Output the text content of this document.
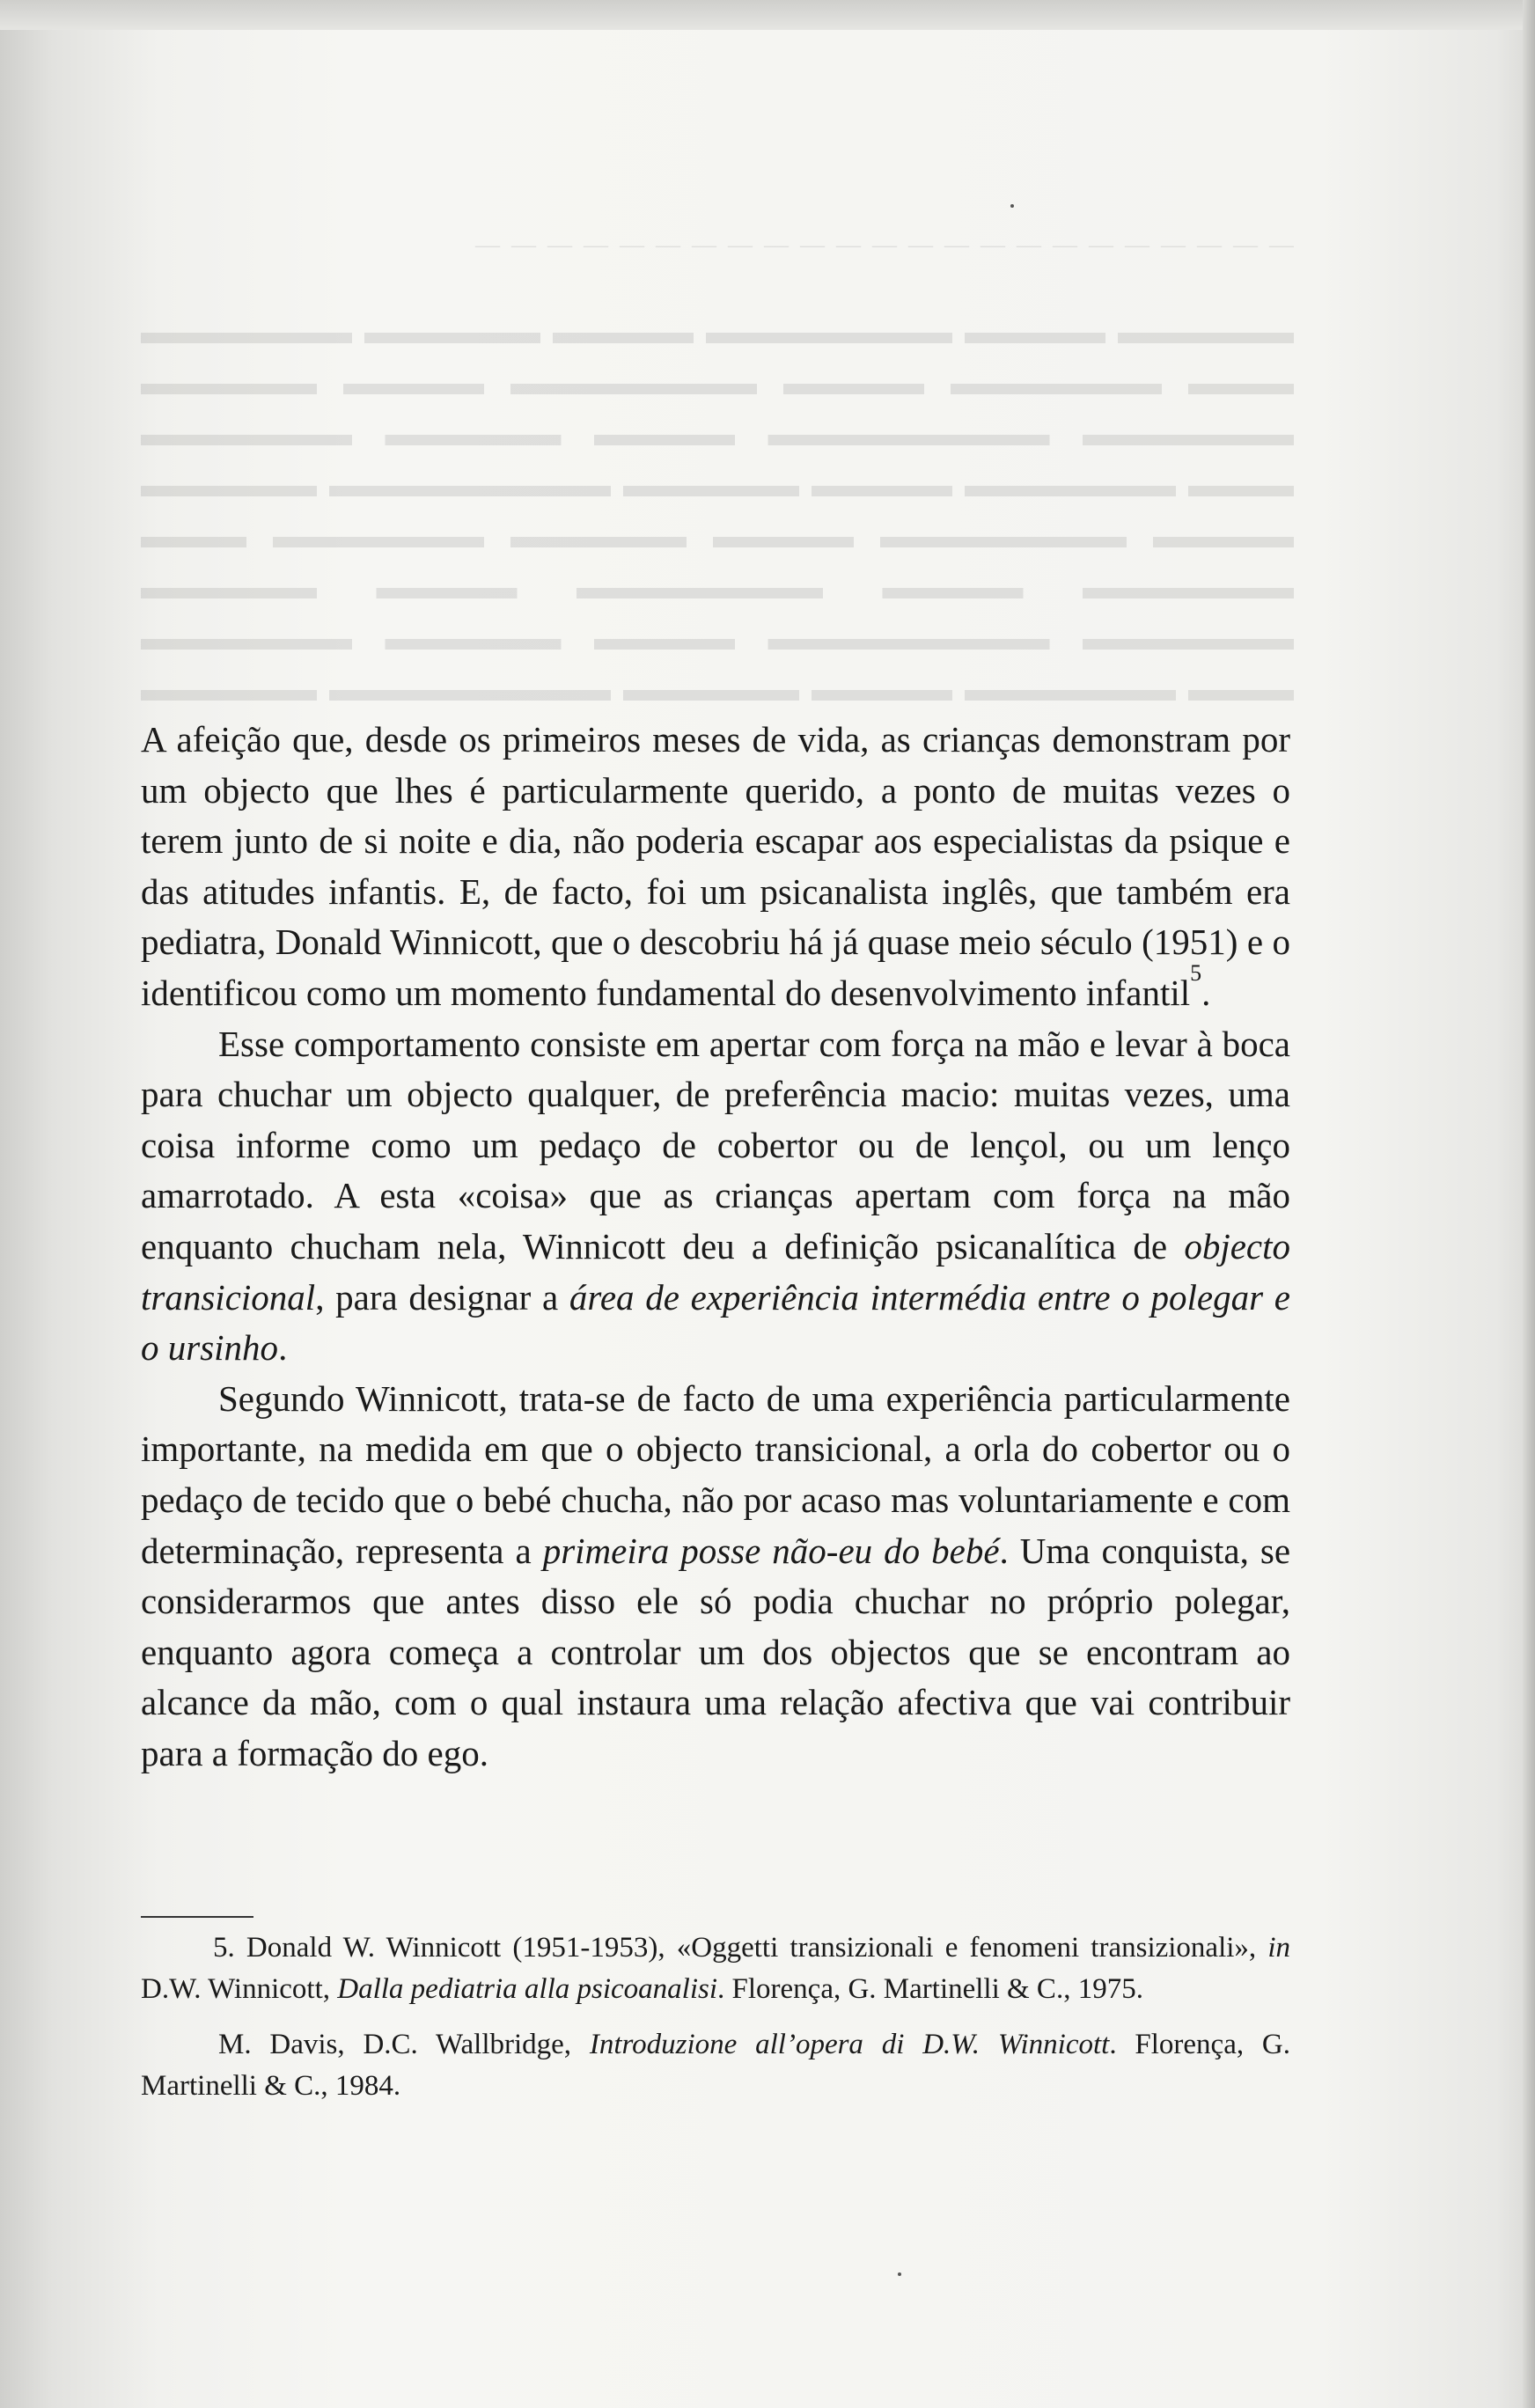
— — — — — — — — — — — — — — — — — — — — — — —
▬▬▬▬▬ ▬▬▬▬ ▬▬▬▬▬▬▬ ▬▬▬▬ ▬▬▬▬▬ ▬▬▬▬▬▬ ▬▬▬ ▬▬▬▬▬▬ ▬▬▬▬ ▬▬▬▬▬▬▬ ▬▬▬▬ ▬▬▬▬▬ ▬▬▬▬▬▬ ▬▬▬▬▬▬▬▬ ▬▬▬▬ ▬▬▬▬▬ ▬▬▬▬▬▬ ▬▬▬ ▬▬▬▬▬▬ ▬▬▬▬ ▬▬▬▬▬ ▬▬▬▬▬▬▬▬ ▬▬▬▬▬ ▬▬▬▬ ▬▬▬▬▬▬▬ ▬▬▬▬ ▬▬▬▬▬ ▬▬▬▬▬▬ ▬▬▬ ▬▬▬▬▬▬ ▬▬▬▬ ▬▬▬▬▬▬▬ ▬▬▬▬ ▬▬▬▬▬ ▬▬▬▬▬▬ ▬▬▬▬▬▬▬▬ ▬▬▬▬ ▬▬▬▬▬ ▬▬▬▬▬▬ ▬▬▬ ▬▬▬▬▬▬ ▬▬▬▬ ▬▬▬▬▬ ▬▬▬▬▬▬▬▬ ▬▬▬▬▬

A afeição que, desde os primeiros meses de vida, as crianças demonstram por um objecto que lhes é particularmente querido, a ponto de muitas vezes o terem junto de si noite e dia, não poderia escapar aos especialistas da psique e das atitudes infantis. E, de facto, foi um psicanalista inglês, que também era pediatra, Donald Winnicott, que o descobriu há já quase meio século (1951) e o identificou como um momento fundamental do desenvolvimento infantil$^5$.

Esse comportamento consiste em apertar com força na mão e levar à boca para chuchar um objecto qualquer, de preferência macio: muitas vezes, uma coisa informe como um pedaço de cobertor ou de lençol, ou um lenço amarrotado. A esta «coisa» que as crianças apertam com força na mão enquanto chucham nela, Winnicott deu a definição psicanalítica de objecto transicional, para designar a área de experiência intermédia entre o polegar e o ursinho.

Segundo Winnicott, trata-se de facto de uma experiência particularmente importante, na medida em que o objecto transicional, a orla do cobertor ou o pedaço de tecido que o bebé chucha, não por acaso mas voluntariamente e com determinação, representa a primeira posse não-eu do bebé. Uma conquista, se considerarmos que antes disso ele só podia chuchar no próprio polegar, enquanto agora começa a controlar um dos objectos que se encontram ao alcance da mão, com o qual instaura uma relação afectiva que vai contribuir para a formação do ego.

5. Donald W. Winnicott (1951-1953), «Oggetti transizionali e fenomeni transizionali», in D.W. Winnicott, Dalla pediatria alla psicoanalisi. Florença, G. Martinelli & C., 1975.

M. Davis, D.C. Wallbridge, Introduzione all’opera di D.W. Winnicott. Florença, G. Martinelli & C., 1984.
